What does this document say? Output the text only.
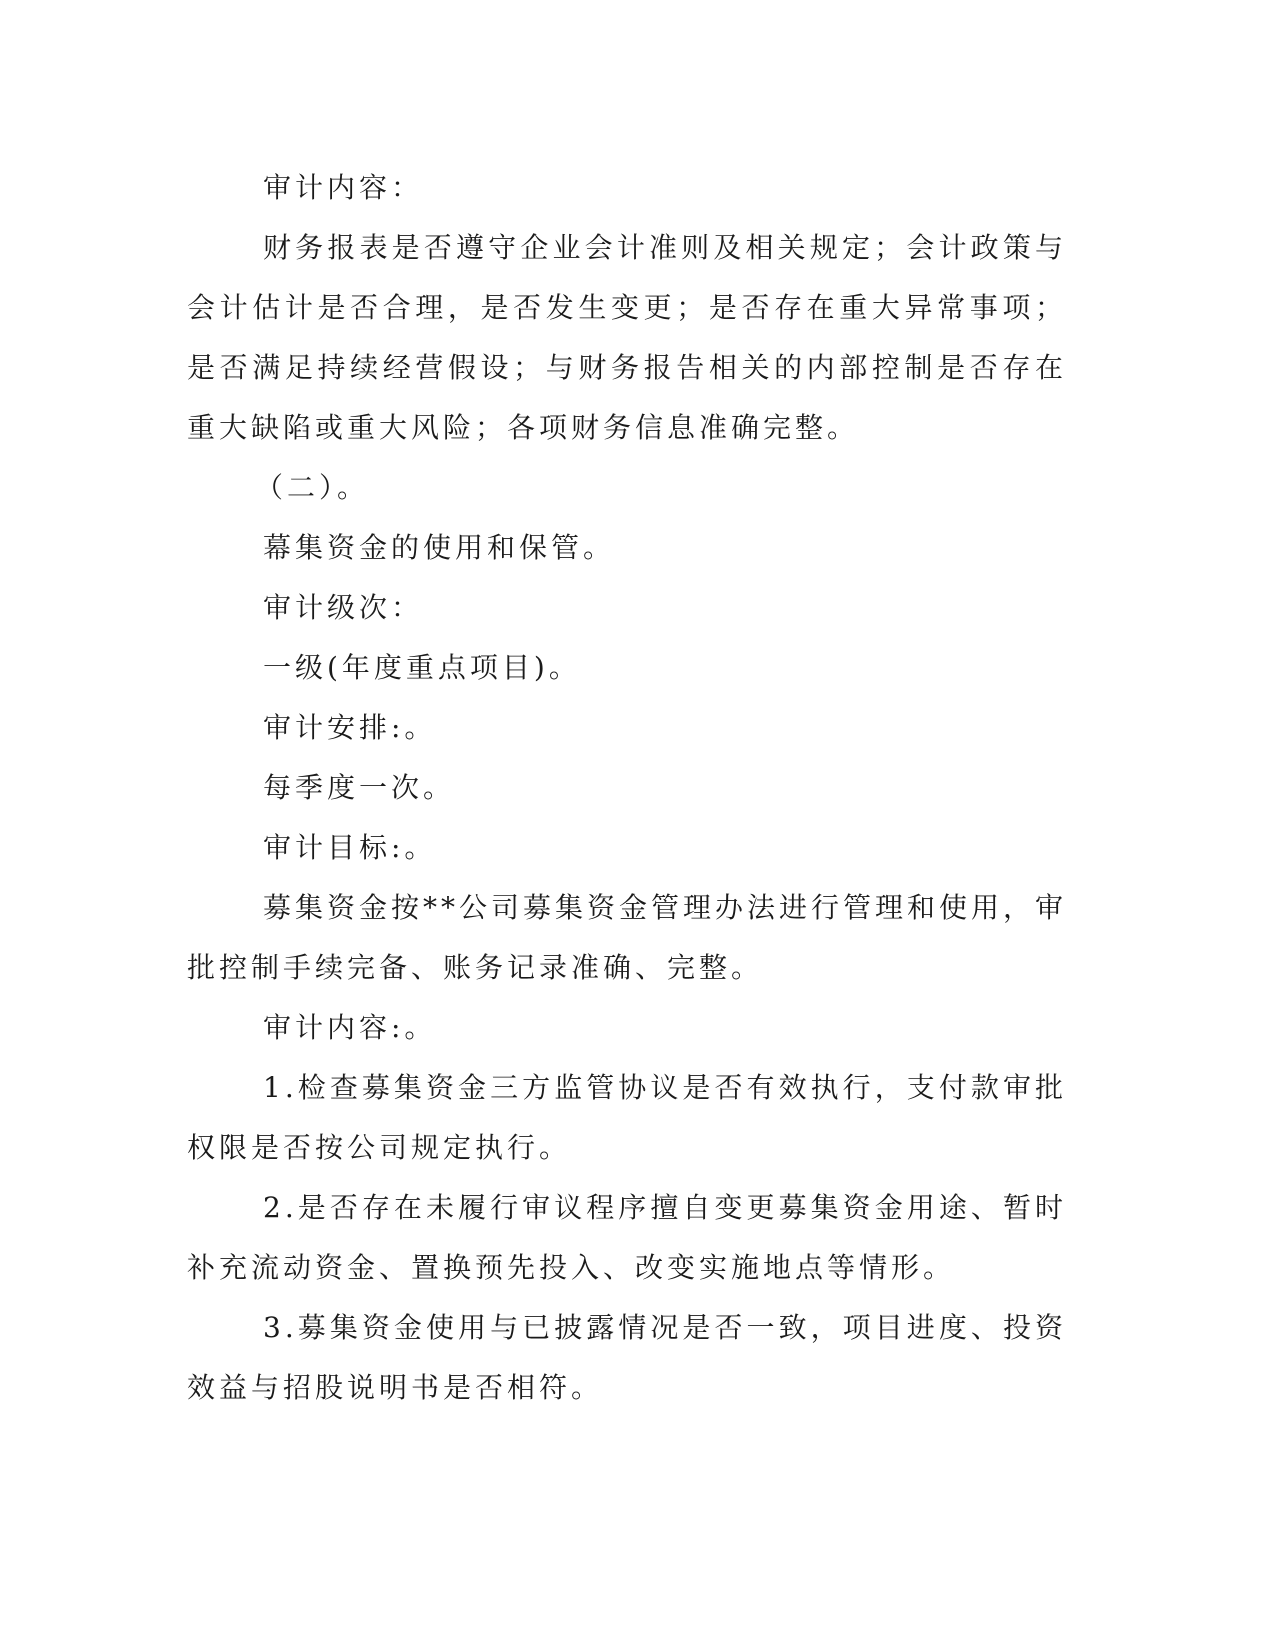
审计内容：

财务报表是否遵守企业会计准则及相关规定；会计政策与会计估计是否合理，是否发生变更；是否存在重大异常事项；是否满足持续经营假设；与财务报告相关的内部控制是否存在重大缺陷或重大风险；各项财务信息准确完整。

（二）。

幕集资金的使用和保管。

审计级次：

一级(年度重点项目)。

审计安排:。

每季度一次。

审计目标:。

募集资金按**公司募集资金管理办法进行管理和使用，审批控制手续完备、账务记录准确、完整。

审计内容:。

1.检查募集资金三方监管协议是否有效执行，支付款审批权限是否按公司规定执行。

2.是否存在未履行审议程序擅自变更募集资金用途、暂时补充流动资金、置换预先投入、改变实施地点等情形。

3.募集资金使用与已披露情况是否一致，项目进度、投资效益与招股说明书是否相符。
